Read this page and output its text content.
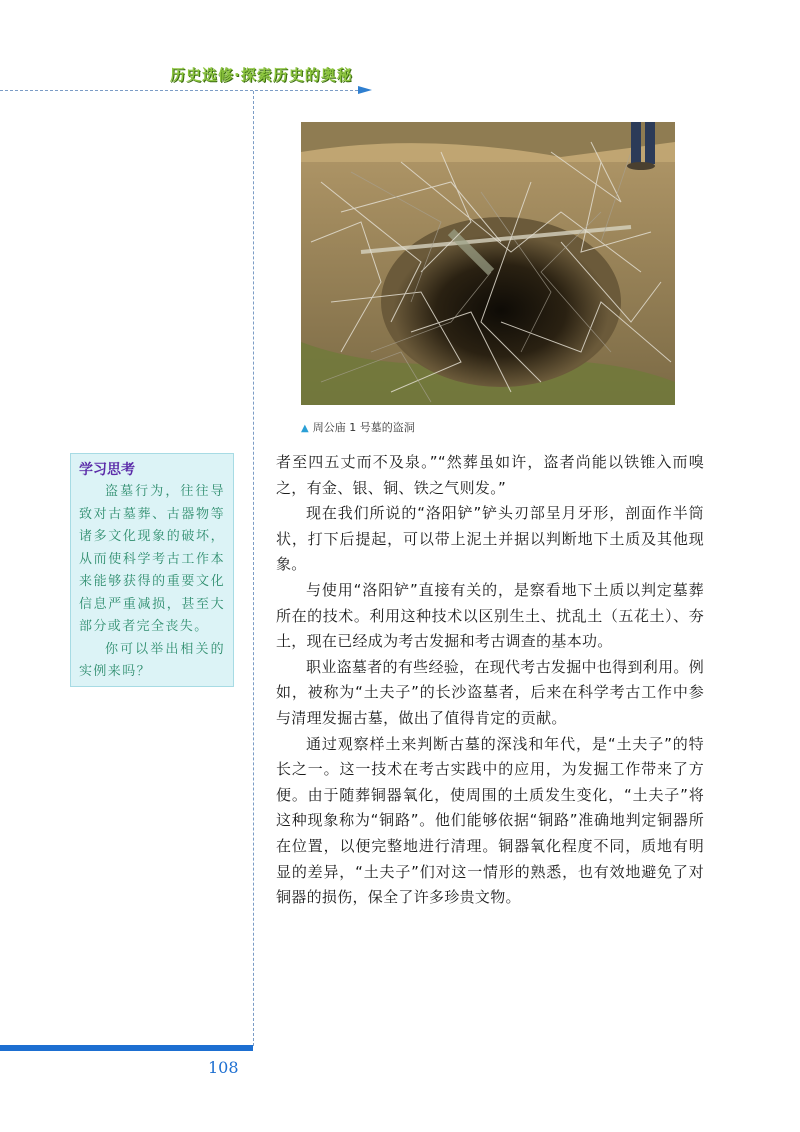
历史选修·探索历史的奥秘
▲ 周公庙 1 号墓的盗洞
学习思考

盗墓行为，往往导致对古墓葬、古器物等诸多文化现象的破坏，从而使科学考古工作本来能够获得的重要文化信息严重减损，甚至大部分或者完全丧失。

你可以举出相关的实例来吗？

者至四五丈而不及泉。”“然葬虽如许，盗者尚能以铁锥入而嗅之，有金、银、铜、铁之气则发。”

现在我们所说的“洛阳铲”铲头刃部呈月牙形，剖面作半筒状，打下后提起，可以带上泥土并据以判断地下土质及其他现象。

与使用“洛阳铲”直接有关的，是察看地下土质以判定墓葬所在的技术。利用这种技术以区别生土、扰乱土（五花土）、夯土，现在已经成为考古发掘和考古调查的基本功。

职业盗墓者的有些经验，在现代考古发掘中也得到利用。例如，被称为“土夫子”的长沙盗墓者，后来在科学考古工作中参与清理发掘古墓，做出了值得肯定的贡献。

通过观察样土来判断古墓的深浅和年代，是“土夫子”的特长之一。这一技术在考古实践中的应用，为发掘工作带来了方便。由于随葬铜器氧化，使周围的土质发生变化，“土夫子”将这种现象称为“铜路”。他们能够依据“铜路”准确地判定铜器所在位置，以便完整地进行清理。铜器氧化程度不同，质地有明显的差异，“土夫子”们对这一情形的熟悉，也有效地避免了对铜器的损伤，保全了许多珍贵文物。

108
